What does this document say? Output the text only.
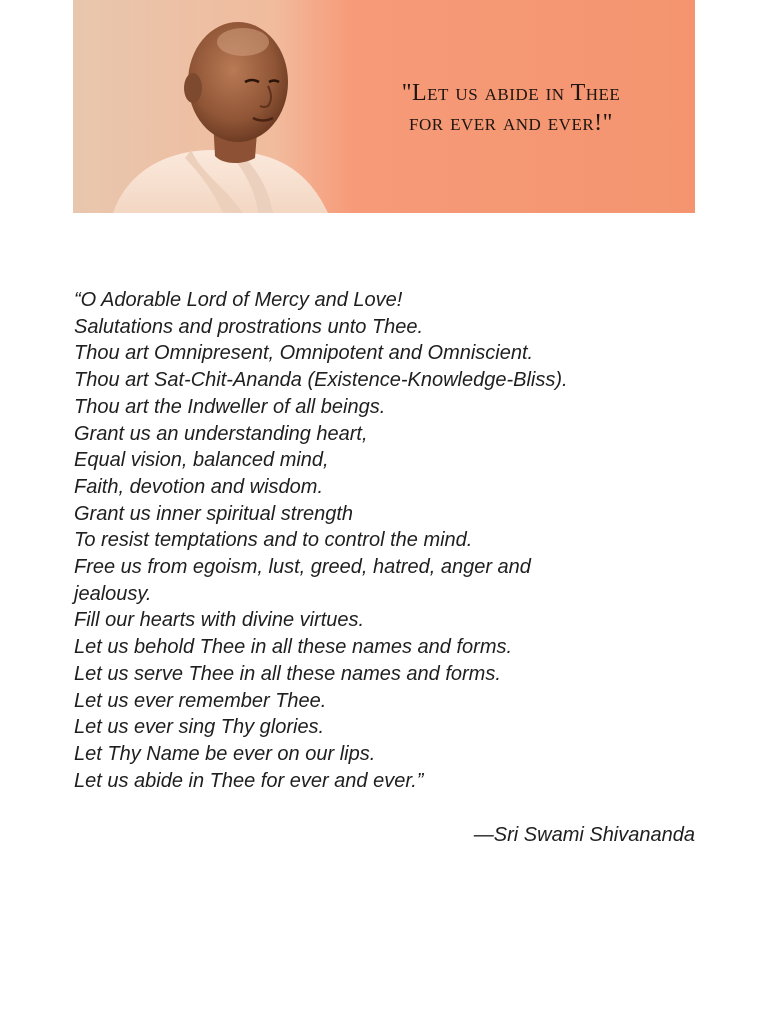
"Let us abide in Thee
for ever and ever!"
“O Adorable Lord of Mercy and Love!
Salutations and prostrations unto Thee.
Thou art Omnipresent, Omnipotent and Omniscient.
Thou art Sat-Chit-Ananda (Existence-Knowledge-Bliss).
Thou art the Indweller of all beings.
Grant us an understanding heart,
Equal vision, balanced mind,
Faith, devotion and wisdom.
Grant us inner spiritual strength
To resist temptations and to control the mind.
Free us from egoism, lust, greed, hatred, anger and
jealousy.
Fill our hearts with divine virtues.
Let us behold Thee in all these names and forms.
Let us serve Thee in all these names and forms.
Let us ever remember Thee.
Let us ever sing Thy glories.
Let Thy Name be ever on our lips.
Let us abide in Thee for ever and ever.”
—Sri Swami Shivananda
